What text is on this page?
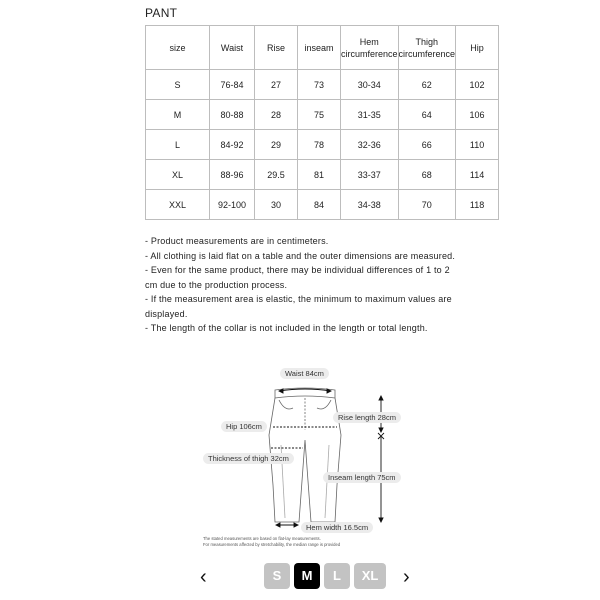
PANT
size	Waist	Rise	inseam	Hem circumference	Thigh circumference	Hip
S	76-84	27	73	30-34	62	102
M	80-88	28	75	31-35	64	106
L	84-92	29	78	32-36	66	110
XL	88-96	29.5	81	33-37	68	114
XXL	92-100	30	84	34-38	70	118
- Product measurements are in centimeters.
- All clothing is laid flat on a table and the outer dimensions are measured.
- Even for the same product, there may be individual differences of 1 to 2
cm due to the production process.
- If the measurement area is elastic, the minimum to maximum values are
displayed.
- The length of the collar is not included in the length or total length.
Waist 84cm
Rise length 28cm
Hip 106cm
Thickness of thigh 32cm
Inseam length 75cm
Hem width 16.5cm
The stated measurements are based on flat-lay measurements.
For measurements affected by stretchability, the median range is provided
‹	S	M	L	XL	›
